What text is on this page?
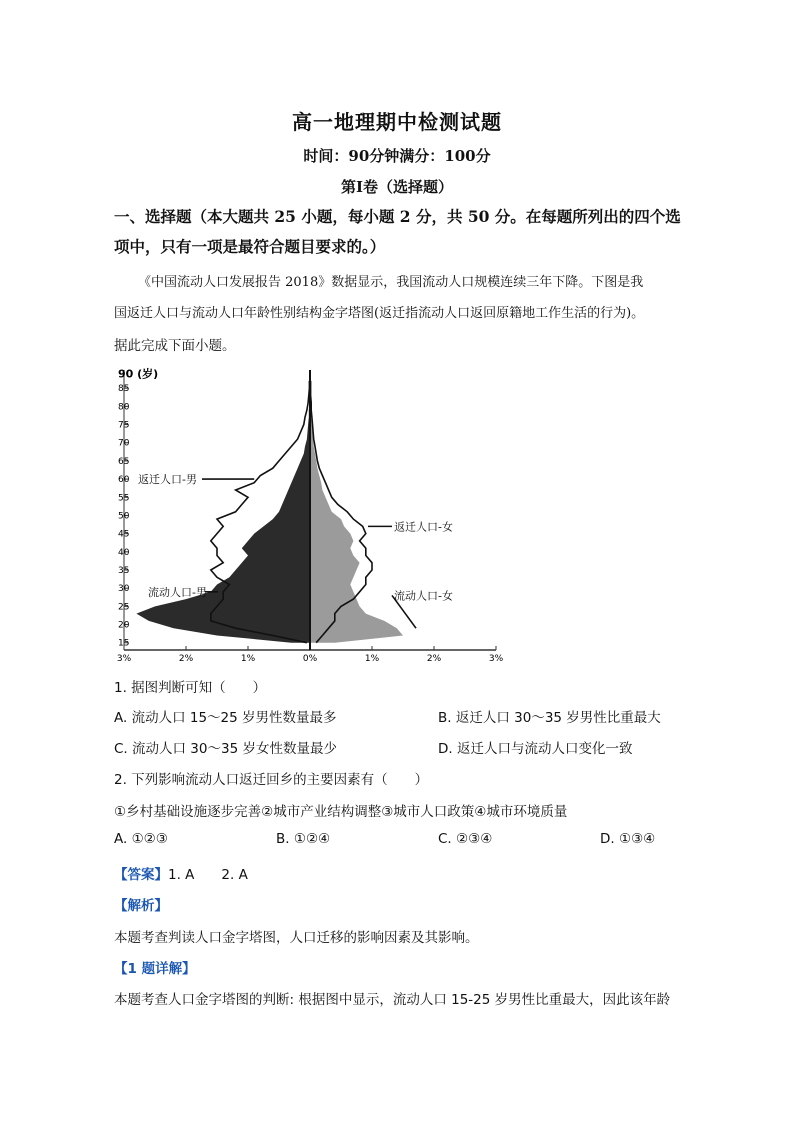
高一地理期中检测试题
时间：90分钟满分：100分
第Ⅰ卷（选择题）
一、选择题（本大题共 25 小题，每小题 2 分，共 50 分。在每题所列出的四个选
项中，只有一项是最符合题目要求的。）
《中国流动人口发展报告 2018》数据显示，我国流动人口规模连续三年下降。下图是我
国返迁人口与流动人口年龄性别结构金字塔图(返迁指流动人口返回原籍地工作生活的行为)。
据此完成下面小题。
90 (岁)
85
80
75
70
65
60
55
50
45
40
35
30
25
20
15
3%	2%	1%	0%	1%	2%	3%
返迁人口-男
返迁人口-女
流动人口-男	流动人口-女
1. 据图判断可知（　　）
A. 流动人口 15～25 岁男性数量最多	B. 返迁人口 30～35 岁男性比重最大
C. 流动人口 30～35 岁女性数量最少	D. 返迁人口与流动人口变化一致
2. 下列影响流动人口返迁回乡的主要因素有（　　）
①乡村基础设施逐步完善②城市产业结构调整③城市人口政策④城市环境质量
A. ①②③	B. ①②④	C. ②③④	D. ①③④
【答案】1. A　　2. A
【解析】
本题考查判读人口金字塔图，人口迁移的影响因素及其影响。
【1 题详解】
本题考查人口金字塔图的判断: 根据图中显示，流动人口 15-25 岁男性比重最大，因此该年龄
